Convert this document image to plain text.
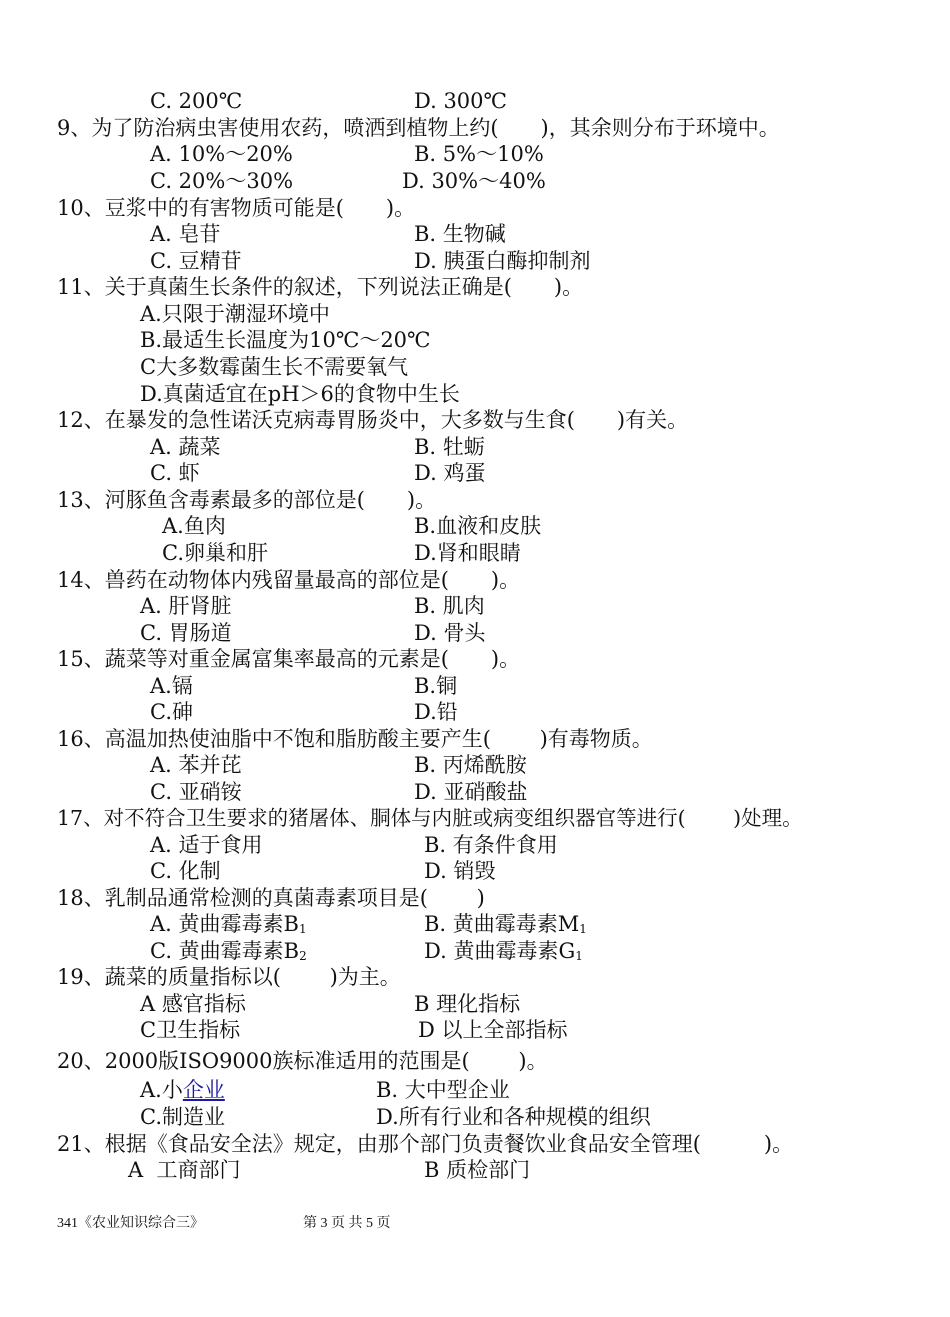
C. 200℃	D. 300℃
9、为了防治病虫害使用农药，喷洒到植物上约(　　)，其余则分布于环境中。
A. 10%～20%	B. 5%～10%
C. 20%～30%	D. 30%～40%
10、豆浆中的有害物质可能是(　　)。
A. 皂苷	B. 生物碱
C. 豆精苷	D. 胰蛋白酶抑制剂
11、关于真菌生长条件的叙述，下列说法正确是(　　)。
A.只限于潮湿环境中
B.最适生长温度为10℃～20℃
C大多数霉菌生长不需要氧气
D.真菌适宜在pH＞6的食物中生长
12、在暴发的急性诺沃克病毒胃肠炎中，大多数与生食(　　)有关。
A. 蔬菜	B. 牡蛎
C. 虾	D. 鸡蛋
13、河豚鱼含毒素最多的部位是(　　)。
A.鱼肉	B.血液和皮肤
C.卵巢和肝	D.肾和眼睛
14、兽药在动物体内残留量最高的部位是(　　)。
A. 肝肾脏	B. 肌肉
C. 胃肠道	D. 骨头
15、蔬菜等对重金属富集率最高的元素是(　　)。
A.镉	B.铜
C.砷	D.铅
16、高温加热使油脂中不饱和脂肪酸主要产生(　　 )有毒物质。
A. 苯并芘	B. 丙烯酰胺
C. 亚硝铵	D. 亚硝酸盐
17、对不符合卫生要求的猪屠体、胴体与内脏或病变组织器官等进行(　　 )处理。
A. 适于食用	B. 有条件食用
C. 化制	D. 销毁
18、乳制品通常检测的真菌毒素项目是(　　 )
A. 黄曲霉毒素$B_1$	B. 黄曲霉毒素$M_1$
C. 黄曲霉毒素$B_2$	D. 黄曲霉毒素$G_1$
19、蔬菜的质量指标以(　　 )为主。
A 感官指标	B 理化指标
C卫生指标	D 以上全部指标
20、2000版ISO9000族标准适用的范围是(　　 )。
A.小企业	B. 大中型企业
C.制造业	D.所有行业和各种规模的组织
21、根据《食品安全法》规定，由那个部门负责餐饮业食品安全管理(　　　)。
A  工商部门	B 质检部门
341《农业知识综合三》	第 3 页 共 5 页
